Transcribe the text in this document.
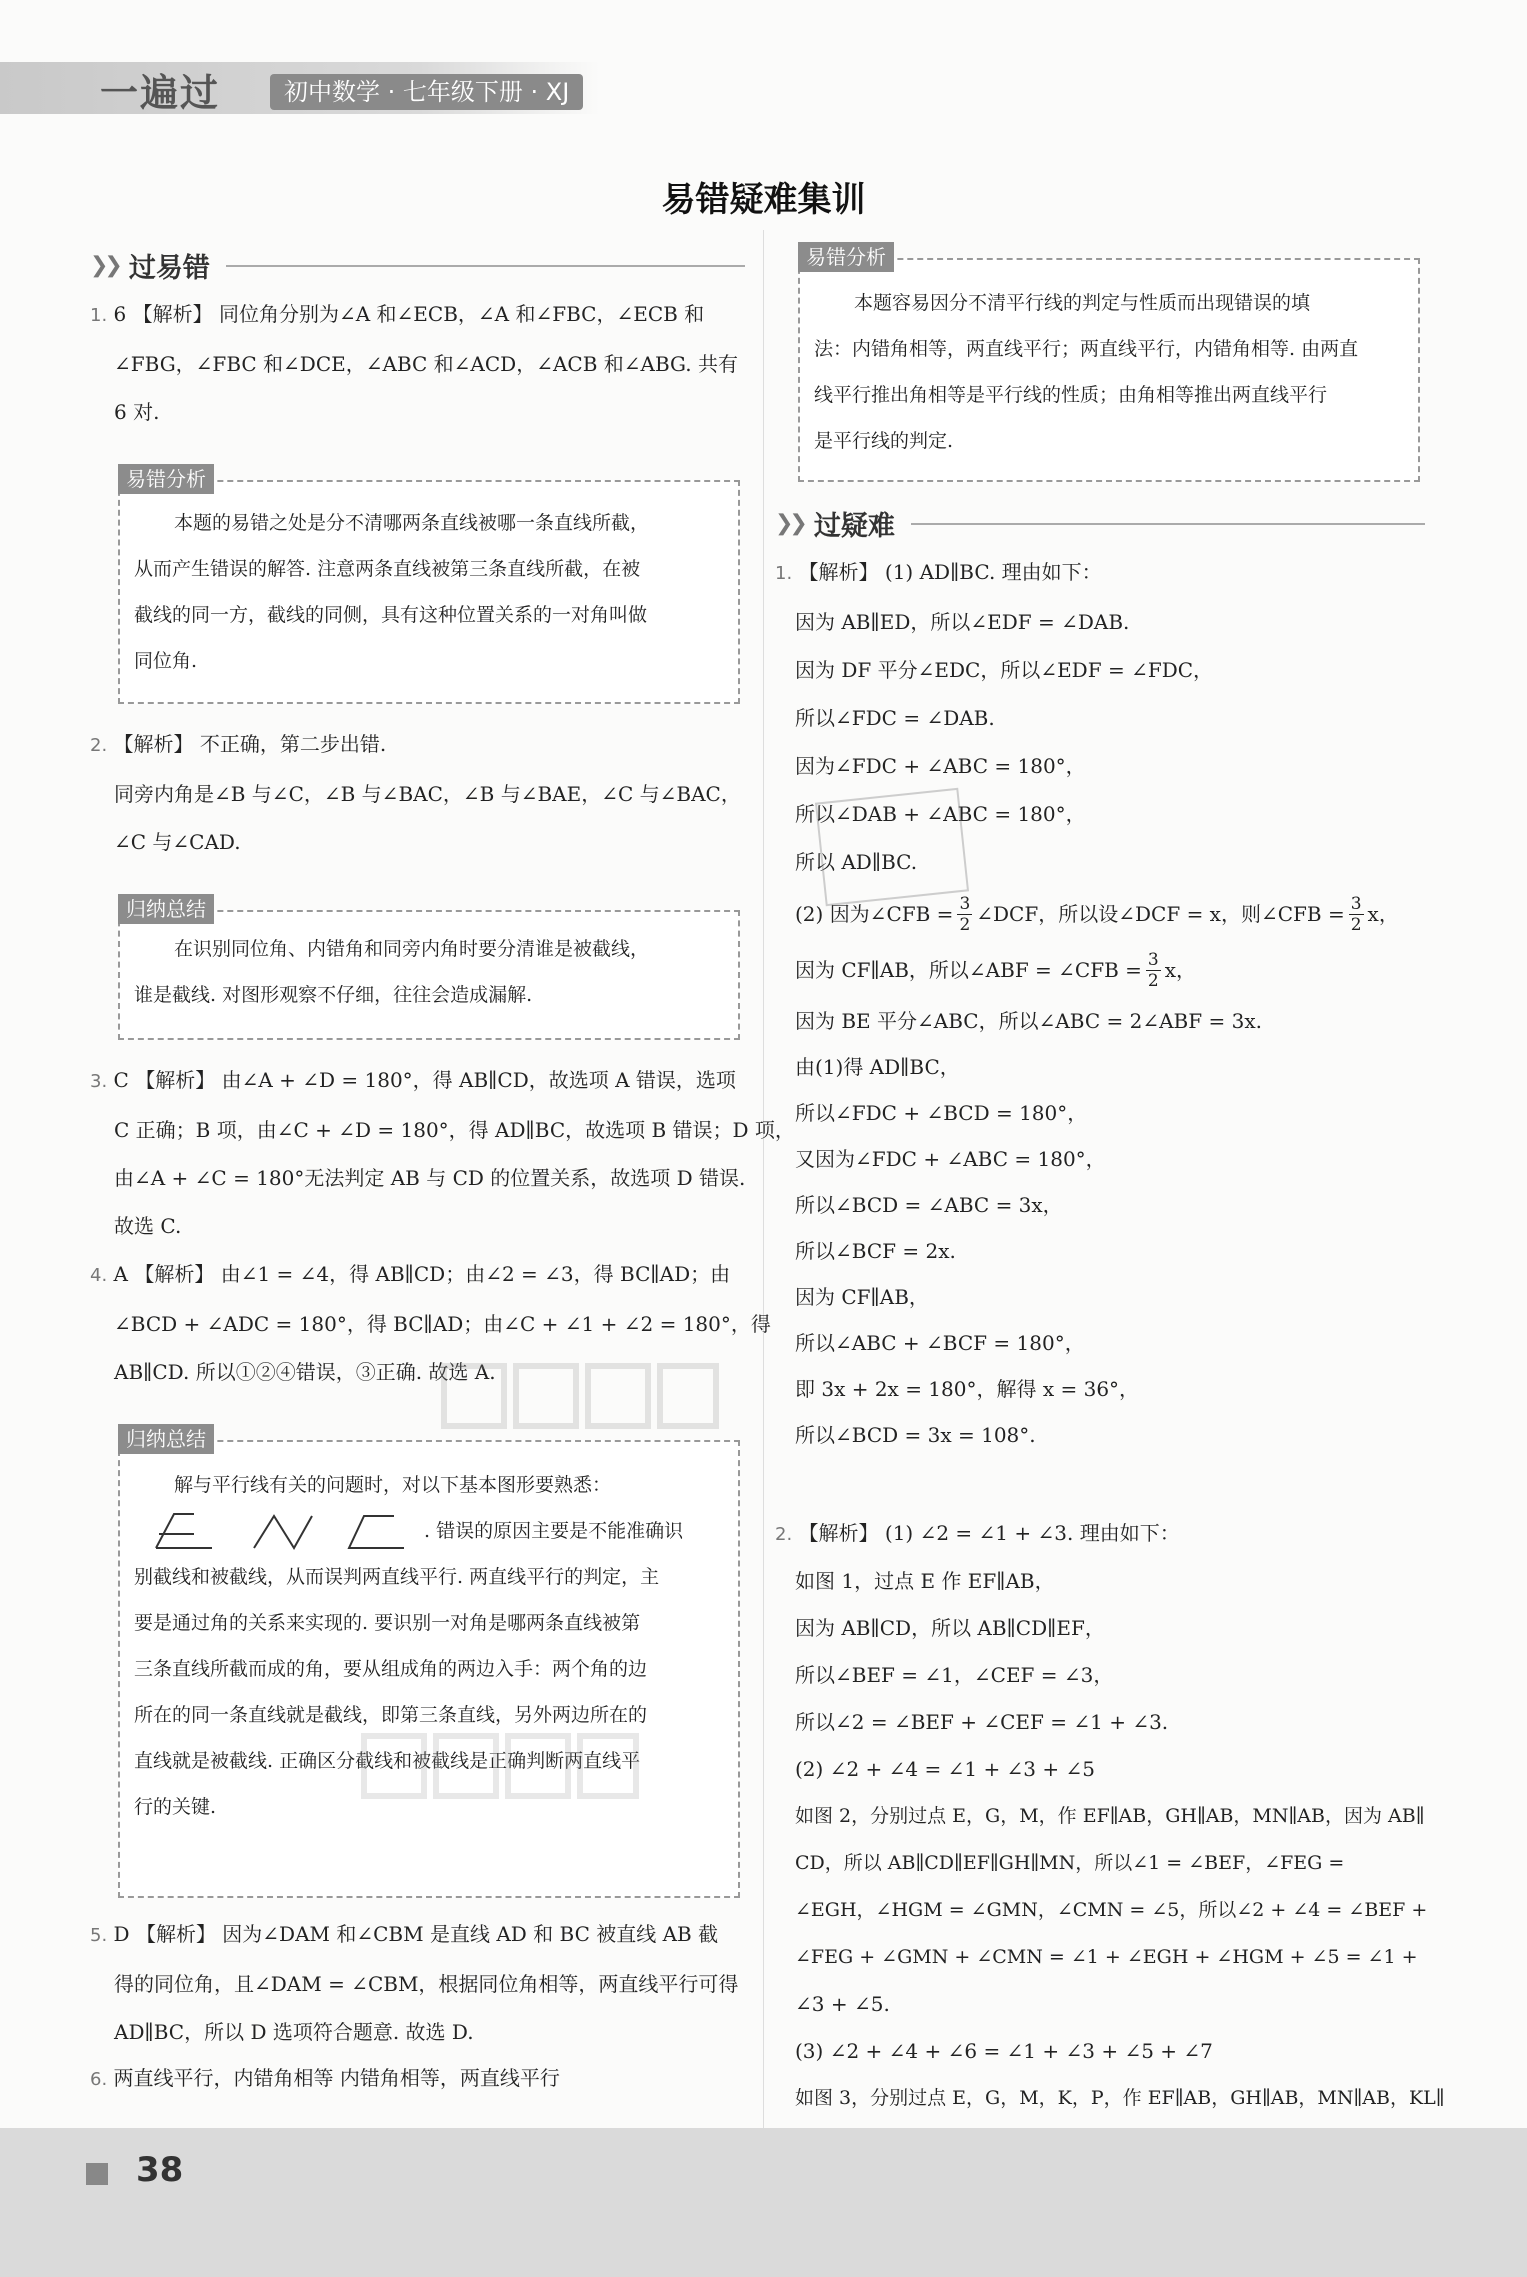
一遍过	初中数学 · 七年级下册 · XJ
易错疑难集训
❯❯ 过易错
1. 6 【解析】 同位角分别为∠A 和∠ECB，∠A 和∠FBC，∠ECB 和
∠FBG，∠FBC 和∠DCE，∠ABC 和∠ACD，∠ACB 和∠ABG. 共有
6 对.
易错分析
本题的易错之处是分不清哪两条直线被哪一条直线所截，
从而产生错误的解答. 注意两条直线被第三条直线所截，在被
截线的同一方，截线的同侧，具有这种位置关系的一对角叫做
同位角.
2. 【解析】 不正确，第二步出错.
同旁内角是∠B 与∠C，∠B 与∠BAC，∠B 与∠BAE，∠C 与∠BAC，
∠C 与∠CAD.
归纳总结
在识别同位角、内错角和同旁内角时要分清谁是被截线，
谁是截线. 对图形观察不仔细，往往会造成漏解.
3. C 【解析】 由∠A + ∠D = 180°，得 AB∥CD，故选项 A 错误，选项
C 正确；B 项，由∠C + ∠D = 180°，得 AD∥BC，故选项 B 错误；D 项，
由∠A + ∠C = 180°无法判定 AB 与 CD 的位置关系，故选项 D 错误.
故选 C.
4. A 【解析】 由∠1 = ∠4，得 AB∥CD；由∠2 = ∠3，得 BC∥AD；由
∠BCD + ∠ADC = 180°，得 BC∥AD；由∠C + ∠1 + ∠2 = 180°，得
AB∥CD. 所以①②④错误，③正确. 故选 A.
归纳总结
解与平行线有关的问题时，对以下基本图形要熟悉：
. 错误的原因主要是不能准确识
别截线和被截线，从而误判两直线平行. 两直线平行的判定，主
要是通过角的关系来实现的. 要识别一对角是哪两条直线被第
三条直线所截而成的角，要从组成角的两边入手：两个角的边
所在的同一条直线就是截线，即第三条直线，另外两边所在的
直线就是被截线. 正确区分截线和被截线是正确判断两直线平
行的关键.
5. D 【解析】 因为∠DAM 和∠CBM 是直线 AD 和 BC 被直线 AB 截
得的同位角，且∠DAM = ∠CBM，根据同位角相等，两直线平行可得
AD∥BC，所以 D 选项符合题意. 故选 D.
6. 两直线平行，内错角相等 内错角相等，两直线平行
易错分析
本题容易因分不清平行线的判定与性质而出现错误的填
法：内错角相等，两直线平行；两直线平行，内错角相等. 由两直
线平行推出角相等是平行线的性质；由角相等推出两直线平行
是平行线的判定.
❯❯ 过疑难
1. 【解析】 (1) AD∥BC. 理由如下：
因为 AB∥ED，所以∠EDF = ∠DAB.
因为 DF 平分∠EDC，所以∠EDF = ∠FDC，
所以∠FDC = ∠DAB.
因为∠FDC + ∠ABC = 180°，
所以∠DAB + ∠ABC = 180°，
所以 AD∥BC.
(2) 因为∠CFB = $\frac{3}{2}$ ∠DCF，所以设∠DCF = x，则∠CFB = $\frac{3}{2}$ x，
因为 CF∥AB，所以∠ABF = ∠CFB = $\frac{3}{2}$ x，
因为 BE 平分∠ABC，所以∠ABC = 2∠ABF = 3x.
由(1)得 AD∥BC，
所以∠FDC + ∠BCD = 180°，
又因为∠FDC + ∠ABC = 180°，
所以∠BCD = ∠ABC = 3x，
所以∠BCF = 2x.
因为 CF∥AB，
所以∠ABC + ∠BCF = 180°，
即 3x + 2x = 180°，解得 x = 36°，
所以∠BCD = 3x = 108°.
2. 【解析】 (1) ∠2 = ∠1 + ∠3. 理由如下：
如图 1，过点 E 作 EF∥AB，
因为 AB∥CD，所以 AB∥CD∥EF，
所以∠BEF = ∠1，∠CEF = ∠3，
所以∠2 = ∠BEF + ∠CEF = ∠1 + ∠3.
(2) ∠2 + ∠4 = ∠1 + ∠3 + ∠5
如图 2，分别过点 E，G，M，作 EF∥AB，GH∥AB，MN∥AB，因为 AB∥
CD，所以 AB∥CD∥EF∥GH∥MN，所以∠1 = ∠BEF，∠FEG =
∠EGH，∠HGM = ∠GMN，∠CMN = ∠5，所以∠2 + ∠4 = ∠BEF +
∠FEG + ∠GMN + ∠CMN = ∠1 + ∠EGH + ∠HGM + ∠5 = ∠1 +
∠3 + ∠5.
(3) ∠2 + ∠4 + ∠6 = ∠1 + ∠3 + ∠5 + ∠7
如图 3，分别过点 E，G，M，K，P，作 EF∥AB，GH∥AB，MN∥AB，KL∥
38
